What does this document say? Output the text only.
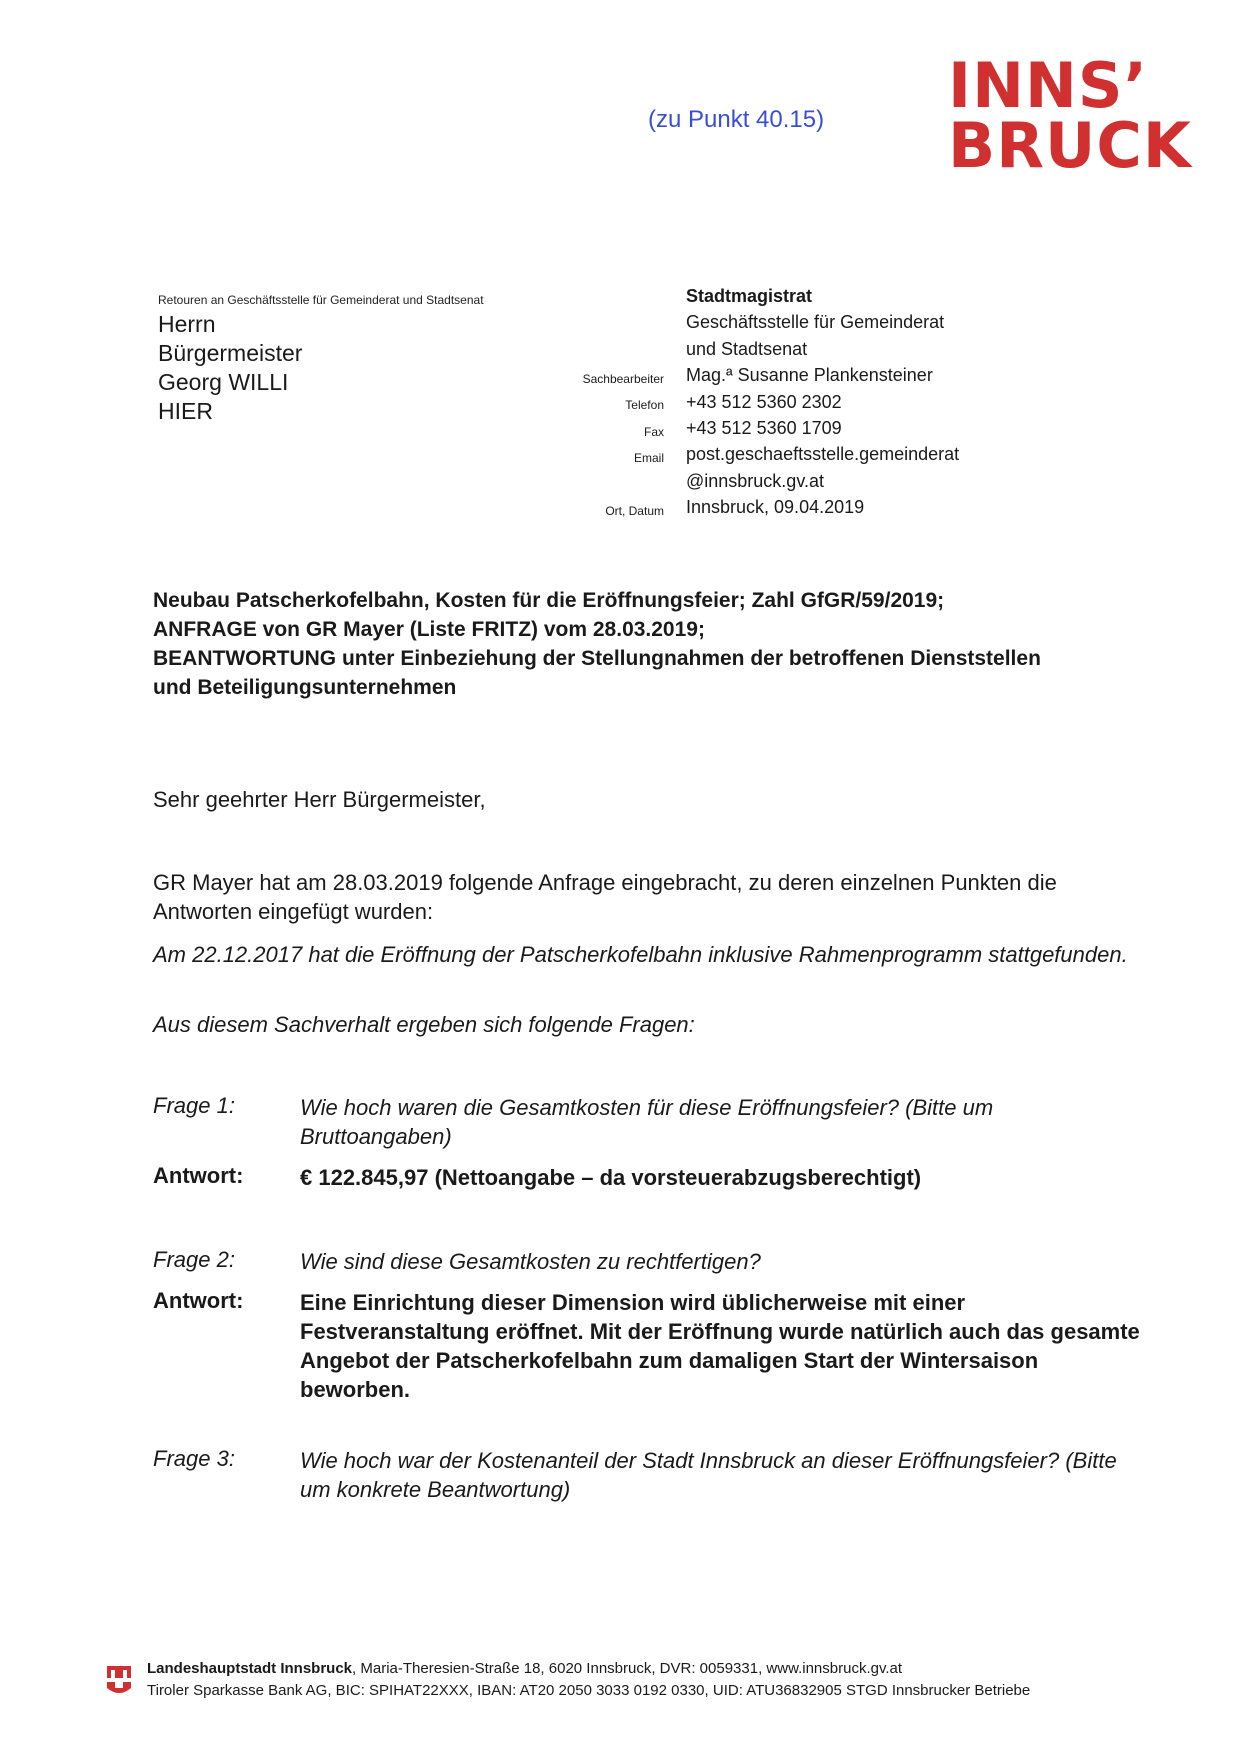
(zu Punkt 40.15) INNS’
BRUCK
Retouren an Geschäftsstelle für Gemeinderat und Stadtsenat
Herrn
Bürgermeister
Georg WILLI
HIER
Stadtmagistrat
Geschäftsstelle für Gemeinderat
und Stadtsenat
Sachbearbeiter Mag.ª Susanne Plankensteiner
Telefon +43 512 5360 2302
Fax +43 512 5360 1709
Email post.geschaeftsstelle.gemeinderat
@innsbruck.gv.at
Ort, Datum Innsbruck, 09.04.2019
Neubau Patscherkofelbahn, Kosten für die Eröffnungsfeier; Zahl GfGR/59/2019;
ANFRAGE von GR Mayer (Liste FRITZ) vom 28.03.2019;
BEANTWORTUNG unter Einbeziehung der Stellungnahmen der betroffenen Dienststellen
und Beteiligungsunternehmen
Sehr geehrter Herr Bürgermeister,
GR Mayer hat am 28.03.2019 folgende Anfrage eingebracht, zu deren einzelnen Punkten die Antworten eingefügt wurden:
Am 22.12.2017 hat die Eröffnung der Patscherkofelbahn inklusive Rahmenprogramm stattgefunden.
Aus diesem Sachverhalt ergeben sich folgende Fragen:
Frage 1:	Wie hoch waren die Gesamtkosten für diese Eröffnungsfeier? (Bitte um Bruttoangaben)
Antwort:	€ 122.845,97 (Nettoangabe – da vorsteuerabzugsberechtigt)
Frage 2:	Wie sind diese Gesamtkosten zu rechtfertigen?
Antwort:	Eine Einrichtung dieser Dimension wird üblicherweise mit einer Festveranstaltung eröffnet. Mit der Eröffnung wurde natürlich auch das gesamte Angebot der Patscherkofelbahn zum damaligen Start der Wintersaison beworben.
Frage 3:	Wie hoch war der Kostenanteil der Stadt Innsbruck an dieser Eröffnungsfeier? (Bitte um konkrete Beantwortung)
Landeshauptstadt Innsbruck, Maria-Theresien-Straße 18, 6020 Innsbruck, DVR: 0059331, www.innsbruck.gv.at
Tiroler Sparkasse Bank AG, BIC: SPIHAT22XXX, IBAN: AT20 2050 3033 0192 0330, UID: ATU36832905 STGD Innsbrucker Betriebe
